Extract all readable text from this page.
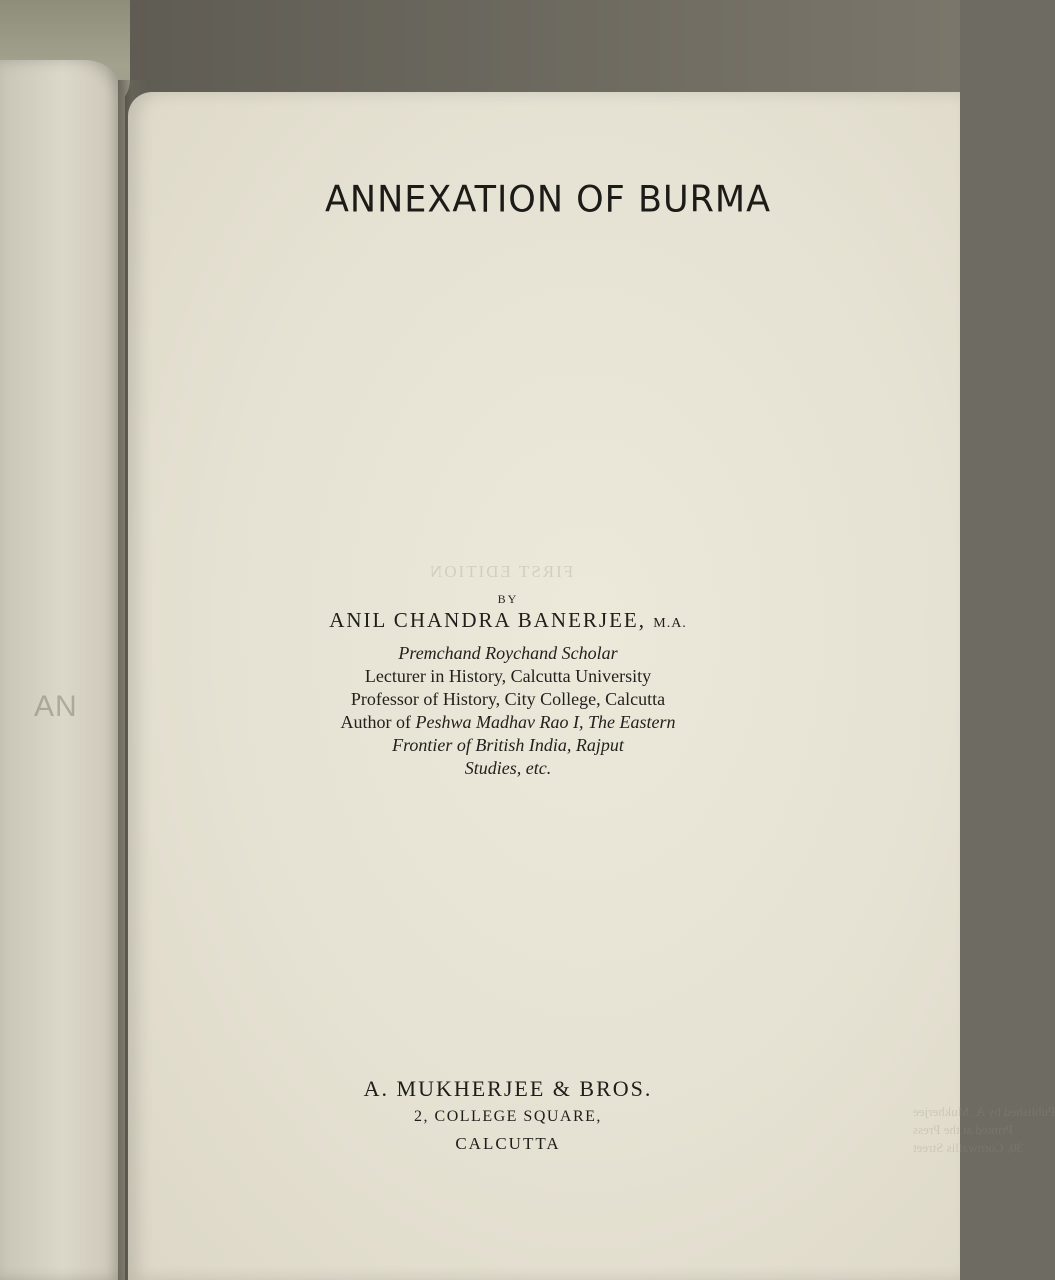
AN
FIRST EDITION
Published by A. Mukherjee
Printed at the Press
30, Cornwallis Street
ANNEXATION OF BURMA
BY
ANIL CHANDRA BANERJEE, M.A.
Premchand Roychand Scholar
Lecturer in History, Calcutta University
Professor of History, City College, Calcutta
Author of Peshwa Madhav Rao I, The Eastern
Frontier of British India, Rajput
Studies, etc.
A. MUKHERJEE & BROS.
2, COLLEGE SQUARE,
CALCUTTA
